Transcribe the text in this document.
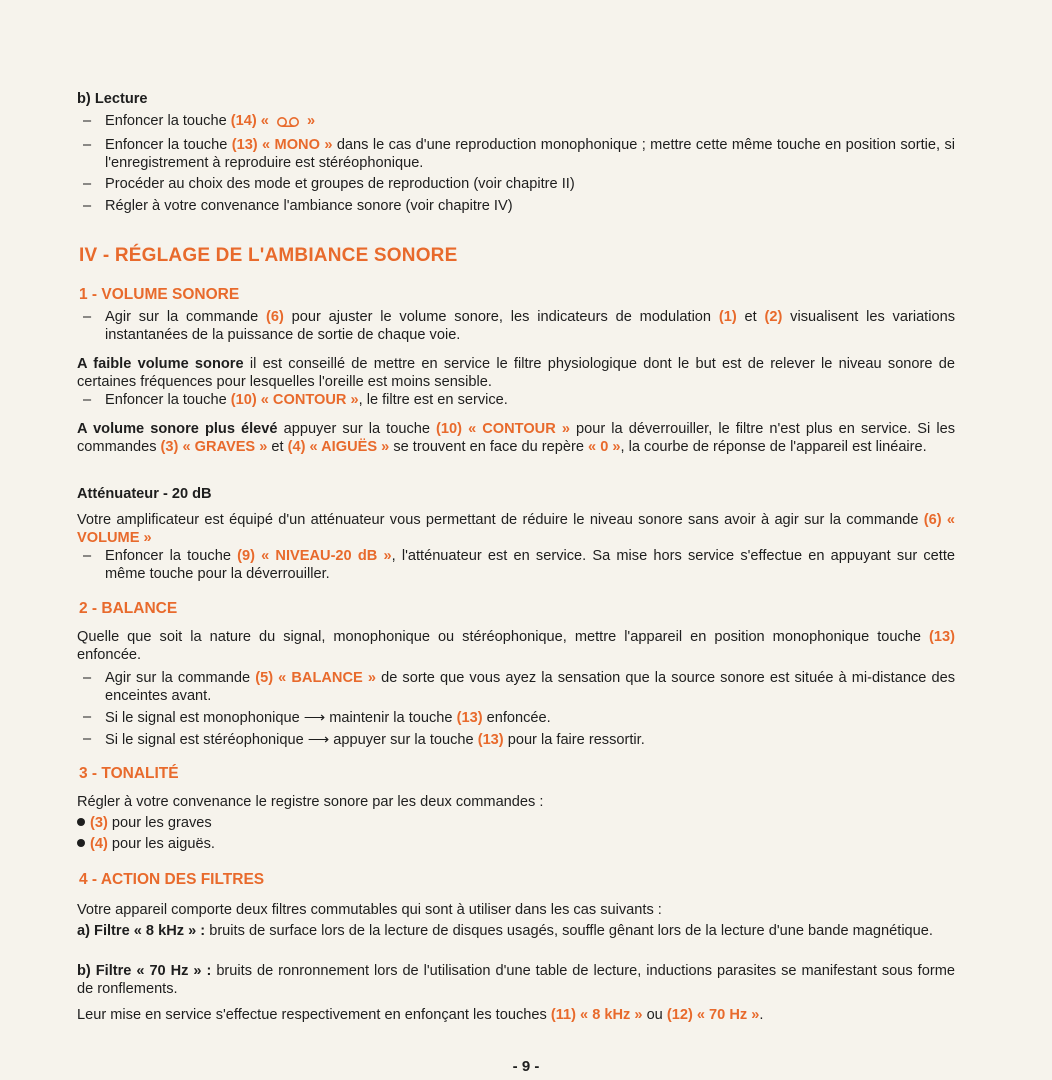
b) Lecture
– Enfoncer la touche (14) «	»
– Enfoncer la touche (13) « MONO » dans le cas d'une reproduction monophonique ; mettre cette même touche en position sortie, si l'enregistrement à reproduire est stéréophonique.
– Procéder au choix des mode et groupes de reproduction (voir chapitre II)
– Régler à votre convenance l'ambiance sonore (voir chapitre IV)
IV - RÉGLAGE DE L'AMBIANCE SONORE
1 - VOLUME SONORE
– Agir sur la commande (6) pour ajuster le volume sonore, les indicateurs de modulation (1) et (2) visualisent les variations instantanées de la puissance de sortie de chaque voie.
A faible volume sonore il est conseillé de mettre en service le filtre physiologique dont le but est de relever le niveau sonore de certaines fréquences pour lesquelles l'oreille est moins sensible.
– Enfoncer la touche (10) « CONTOUR », le filtre est en service.
A volume sonore plus élevé appuyer sur la touche (10) « CONTOUR » pour la déverrouiller, le filtre n'est plus en service. Si les commandes (3) « GRAVES » et (4) « AIGUËS » se trouvent en face du repère « 0 », la courbe de réponse de l'appareil est linéaire.
Atténuateur - 20 dB
Votre amplificateur est équipé d'un atténuateur vous permettant de réduire le niveau sonore sans avoir à agir sur la commande (6) « VOLUME »
– Enfoncer la touche (9) « NIVEAU-20 dB », l'atténuateur est en service. Sa mise hors service s'effectue en appuyant sur cette même touche pour la déverrouiller.
2 - BALANCE
Quelle que soit la nature du signal, monophonique ou stéréophonique, mettre l'appareil en position monophonique touche (13) enfoncée.
– Agir sur la commande (5) « BALANCE » de sorte que vous ayez la sensation que la source sonore est située à mi-distance des enceintes avant.
– Si le signal est monophonique ⟶ maintenir la touche (13) enfoncée.
– Si le signal est stéréophonique ⟶ appuyer sur la touche (13) pour la faire ressortir.
3 - TONALITÉ
Régler à votre convenance le registre sonore par les deux commandes :
(3) pour les graves
(4) pour les aiguës.
4 - ACTION DES FILTRES
Votre appareil comporte deux filtres commutables qui sont à utiliser dans les cas suivants :
a) Filtre « 8 kHz » : bruits de surface lors de la lecture de disques usagés, souffle gênant lors de la lecture d'une bande magnétique.
b) Filtre « 70 Hz » : bruits de ronronnement lors de l'utilisation d'une table de lecture, inductions parasites se manifestant sous forme de ronflements.
Leur mise en service s'effectue respectivement en enfonçant les touches (11) « 8 kHz » ou (12) « 70 Hz ».
- 9 -
